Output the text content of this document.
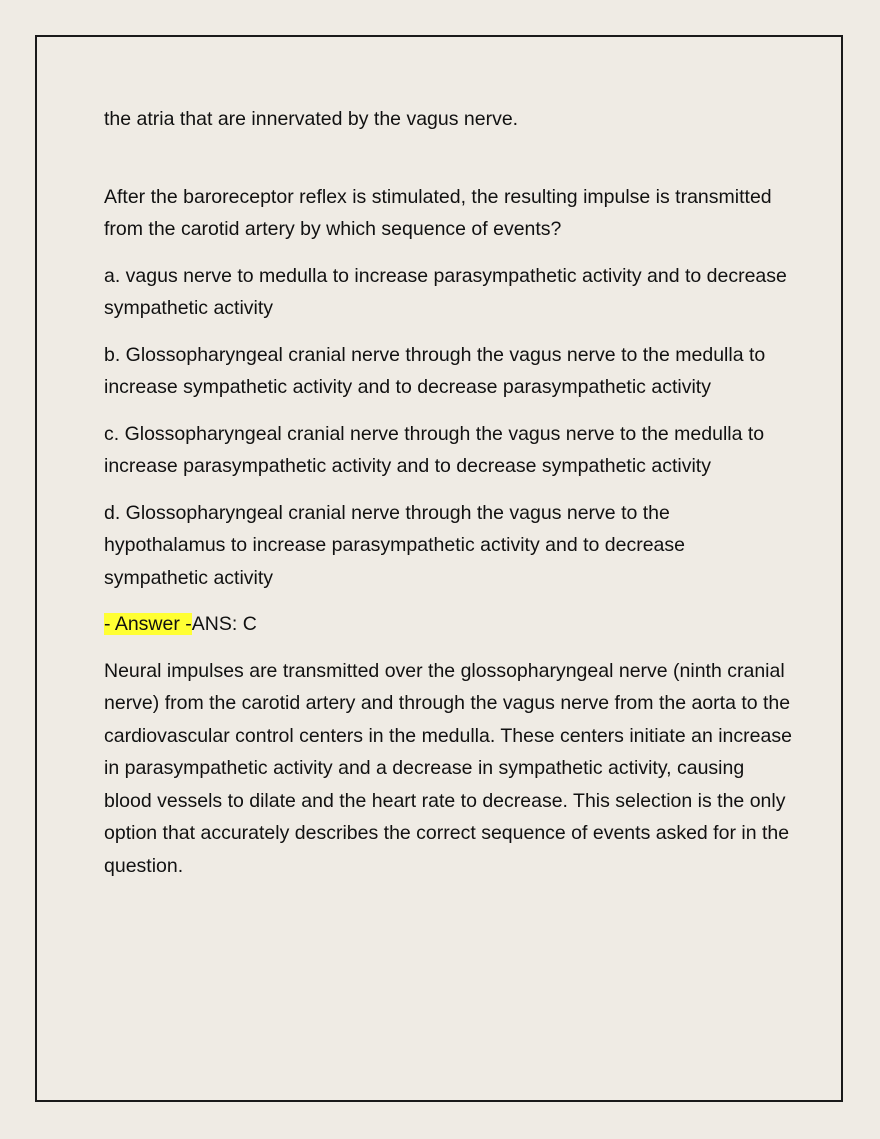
the atria that are innervated by the vagus nerve.

After the baroreceptor reflex is stimulated, the resulting impulse is transmitted from the carotid artery by which sequence of events?

a. vagus nerve to medulla to increase parasympathetic activity and to decrease sympathetic activity

b. Glossopharyngeal cranial nerve through the vagus nerve to the medulla to increase sympathetic activity and to decrease parasympathetic activity

c. Glossopharyngeal cranial nerve through the vagus nerve to the medulla to increase parasympathetic activity and to decrease sympathetic activity

d. Glossopharyngeal cranial nerve through the vagus nerve to the hypothalamus to increase parasympathetic activity and to decrease sympathetic activity

- Answer -ANS: C

Neural impulses are transmitted over the glossopharyngeal nerve (ninth cranial nerve) from the carotid artery and through the vagus nerve from the aorta to the cardiovascular control centers in the medulla. These centers initiate an increase in parasympathetic activity and a decrease in sympathetic activity, causing blood vessels to dilate and the heart rate to decrease. This selection is the only option that accurately describes the correct sequence of events asked for in the question.
